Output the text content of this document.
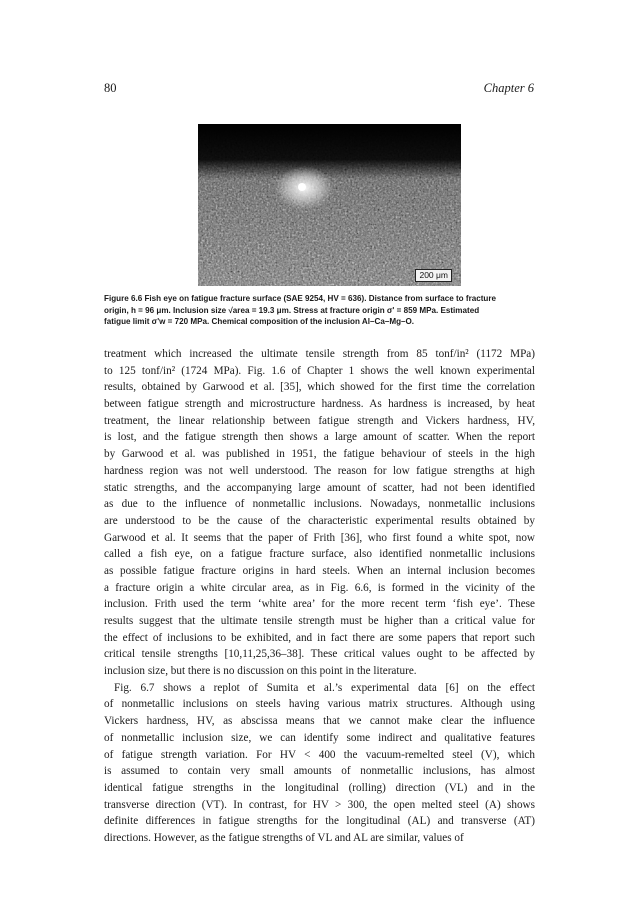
80	Chapter 6
200 μm
Figure 6.6 Fish eye on fatigue fracture surface (SAE 9254, HV = 636). Distance from surface to fracture
origin, h = 96 μm. Inclusion size √area = 19.3 μm. Stress at fracture origin σ' = 859 MPa. Estimated
fatigue limit σ'w = 720 MPa. Chemical composition of the inclusion Al–Ca–Mg–O.
treatment which increased the ultimate tensile strength from 85 tonf/in² (1172 MPa)
to 125 tonf/in² (1724 MPa). Fig. 1.6 of Chapter 1 shows the well known experimental
results, obtained by Garwood et al. [35], which showed for the first time the correlation
between fatigue strength and microstructure hardness. As hardness is increased, by heat
treatment, the linear relationship between fatigue strength and Vickers hardness, HV,
is lost, and the fatigue strength then shows a large amount of scatter. When the report
by Garwood et al. was published in 1951, the fatigue behaviour of steels in the high
hardness region was not well understood. The reason for low fatigue strengths at high
static strengths, and the accompanying large amount of scatter, had not been identified
as due to the influence of nonmetallic inclusions. Nowadays, nonmetallic inclusions
are understood to be the cause of the characteristic experimental results obtained by
Garwood et al. It seems that the paper of Frith [36], who first found a white spot, now
called a fish eye, on a fatigue fracture surface, also identified nonmetallic inclusions
as possible fatigue fracture origins in hard steels. When an internal inclusion becomes
a fracture origin a white circular area, as in Fig. 6.6, is formed in the vicinity of the
inclusion. Frith used the term ‘white area’ for the more recent term ‘fish eye’. These
results suggest that the ultimate tensile strength must be higher than a critical value for
the effect of inclusions to be exhibited, and in fact there are some papers that report such
critical tensile strengths [10,11,25,36–38]. These critical values ought to be affected by
inclusion size, but there is no discussion on this point in the literature.
Fig. 6.7 shows a replot of Sumita et al.’s experimental data [6] on the effect
of nonmetallic inclusions on steels having various matrix structures. Although using
Vickers hardness, HV, as abscissa means that we cannot make clear the influence
of nonmetallic inclusion size, we can identify some indirect and qualitative features
of fatigue strength variation. For HV < 400 the vacuum-remelted steel (V), which
is assumed to contain very small amounts of nonmetallic inclusions, has almost
identical fatigue strengths in the longitudinal (rolling) direction (VL) and in the
transverse direction (VT). In contrast, for HV > 300, the open melted steel (A) shows
definite differences in fatigue strengths for the longitudinal (AL) and transverse (AT)
directions. However, as the fatigue strengths of VL and AL are similar, values of
